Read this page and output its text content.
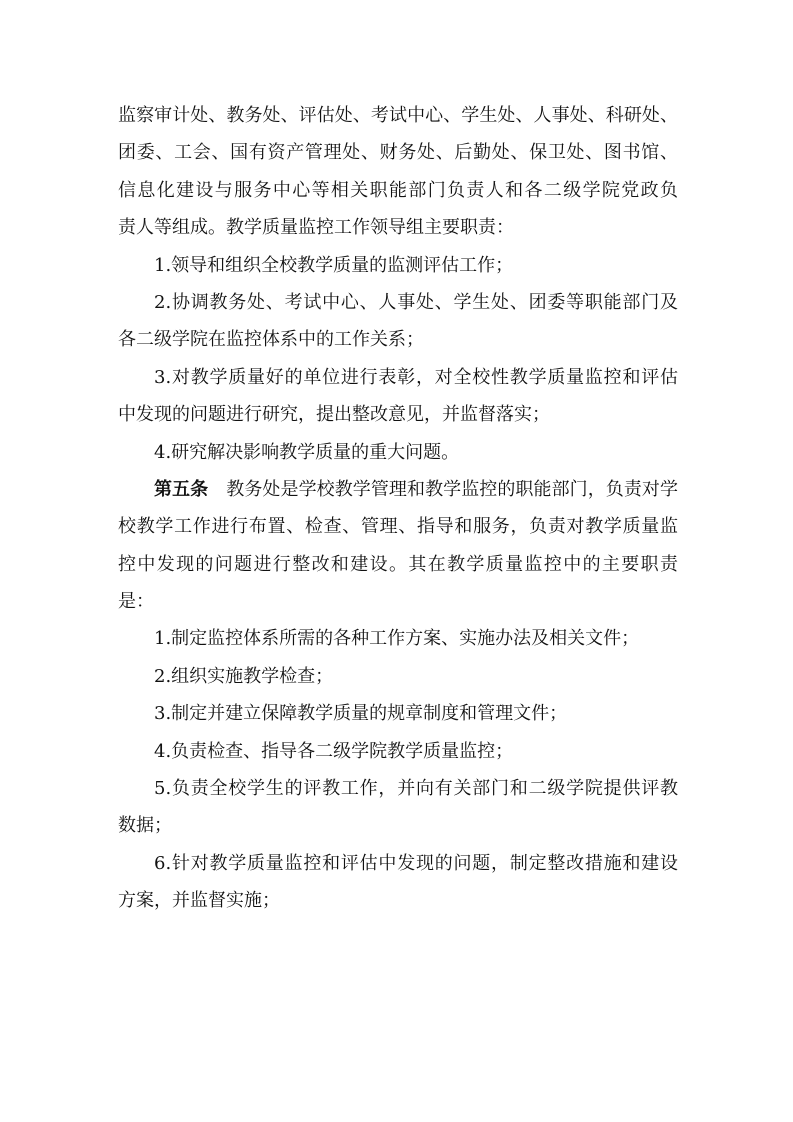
监察审计处、教务处、评估处、考试中心、学生处、人事处、科研处、
团委、工会、国有资产管理处、财务处、后勤处、保卫处、图书馆、
信息化建设与服务中心等相关职能部门负责人和各二级学院党政负
责人等组成。教学质量监控工作领导组主要职责：
1.领导和组织全校教学质量的监测评估工作；
2.协调教务处、考试中心、人事处、学生处、团委等职能部门及
各二级学院在监控体系中的工作关系；
3.对教学质量好的单位进行表彰，对全校性教学质量监控和评估
中发现的问题进行研究，提出整改意见，并监督落实；
4.研究解决影响教学质量的重大问题。
第五条  教务处是学校教学管理和教学监控的职能部门，负责对学
校教学工作进行布置、检查、管理、指导和服务，负责对教学质量监
控中发现的问题进行整改和建设。其在教学质量监控中的主要职责
是：
1.制定监控体系所需的各种工作方案、实施办法及相关文件；
2.组织实施教学检查；
3.制定并建立保障教学质量的规章制度和管理文件；
4.负责检查、指导各二级学院教学质量监控；
5.负责全校学生的评教工作，并向有关部门和二级学院提供评教
数据；
6.针对教学质量监控和评估中发现的问题，制定整改措施和建设
方案，并监督实施；
